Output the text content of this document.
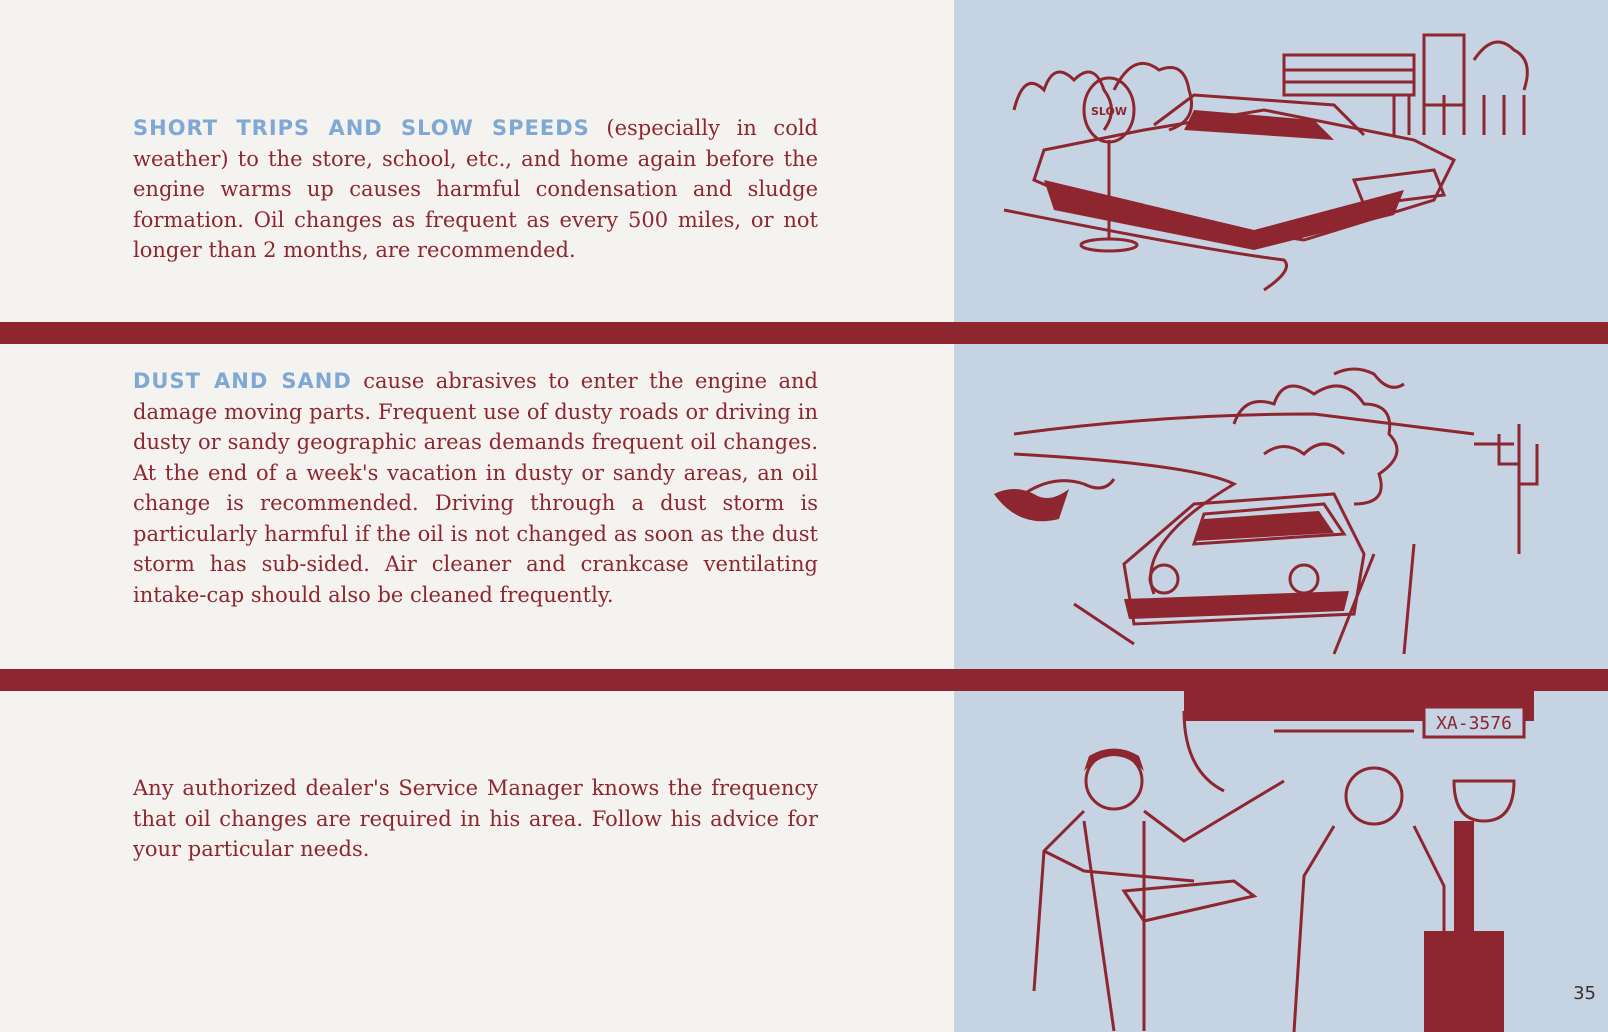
SHORT TRIPS AND SLOW SPEEDS (especially in cold weather) to the store, school, etc., and home again before the engine warms up causes harmful condensation and sludge formation. Oil changes as frequent as every 500 miles, or not longer than 2 months, are recommended.

DUST AND SAND cause abrasives to enter the engine and damage moving parts. Frequent use of dusty roads or driving in dusty or sandy geographic areas demands frequent oil changes. At the end of a week's vacation in dusty or sandy areas, an oil change is recommended. Driving through a dust storm is particularly harmful if the oil is not changed as soon as the dust storm has sub-sided. Air cleaner and crankcase ventilating intake-cap should also be cleaned frequently.

Any authorized dealer's Service Manager knows the frequency that oil changes are required in his area. Follow his advice for your particular needs.

SLOW
XA-3576
35
